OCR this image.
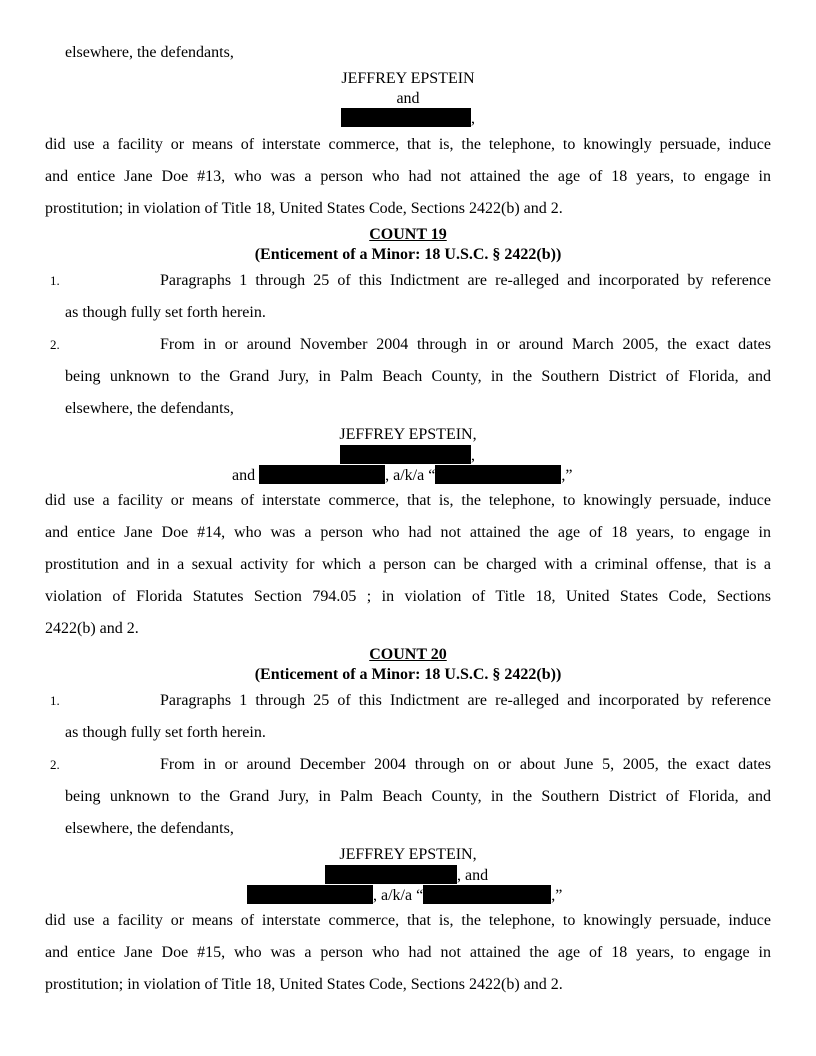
elsewhere, the defendants,
JEFFREY EPSTEIN
and
,
did use a facility or means of interstate commerce, that is, the telephone, to knowingly persuade, induce
and entice Jane Doe #13, who was a person who had not attained the age of 18 years, to engage in
prostitution; in violation of Title 18, United States Code, Sections 2422(b) and 2.
COUNT 19
(Enticement of a Minor: 18 U.S.C. § 2422(b))
1.	Paragraphs 1 through 25 of this Indictment are re-alleged and incorporated by reference
as though fully set forth herein.
2.	From in or around November 2004 through in or around March 2005, the exact dates
being unknown to the Grand Jury, in Palm Beach County, in the Southern District of Florida, and
elsewhere, the defendants,
JEFFREY EPSTEIN,
,
and	, a/k/a “	,”
did use a facility or means of interstate commerce, that is, the telephone, to knowingly persuade, induce
and entice Jane Doe #14, who was a person who had not attained the age of 18 years, to engage in
prostitution and in a sexual activity for which a person can be charged with a criminal offense, that is a
violation of Florida Statutes Section 794.05 ; in violation of Title 18, United States Code, Sections
2422(b) and 2.
COUNT 20
(Enticement of a Minor: 18 U.S.C. § 2422(b))
1.	Paragraphs 1 through 25 of this Indictment are re-alleged and incorporated by reference
as though fully set forth herein.
2.	From in or around December 2004 through on or about June 5, 2005, the exact dates
being unknown to the Grand Jury, in Palm Beach County, in the Southern District of Florida, and
elsewhere, the defendants,
JEFFREY EPSTEIN,
, and
, a/k/a “	,”
did use a facility or means of interstate commerce, that is, the telephone, to knowingly persuade, induce
and entice Jane Doe #15, who was a person who had not attained the age of 18 years, to engage in
prostitution; in violation of Title 18, United States Code, Sections 2422(b) and 2.
